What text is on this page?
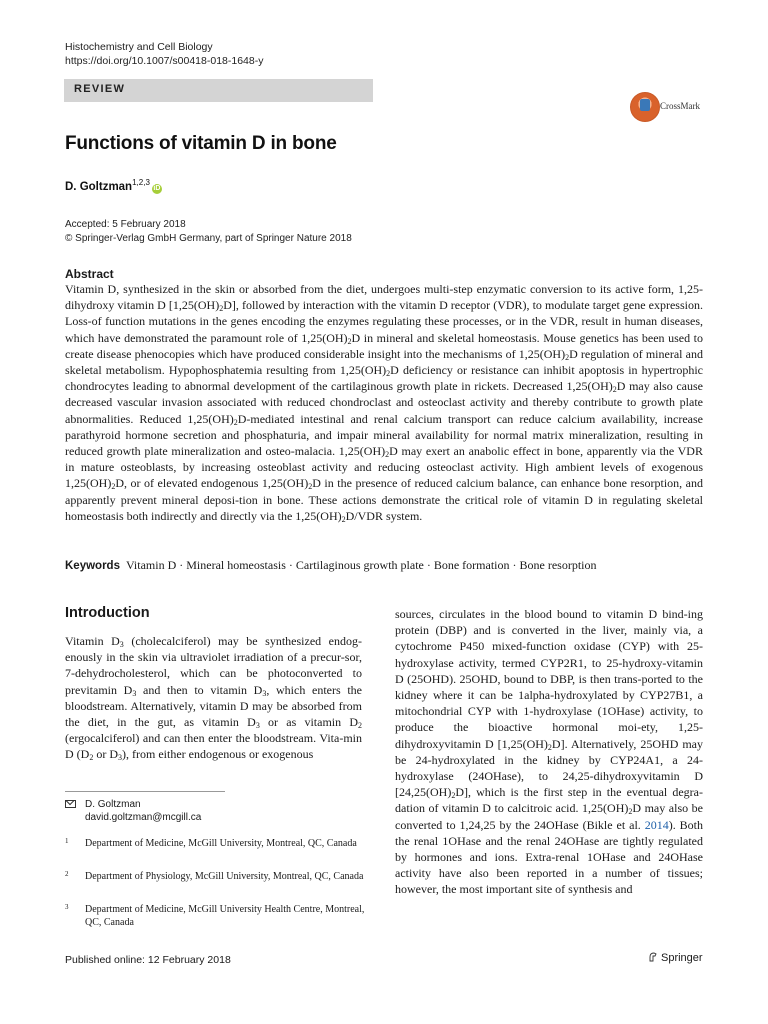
Histochemistry and Cell Biology
https://doi.org/10.1007/s00418-018-1648-y
REVIEW
CrossMark
Functions of vitamin D in bone
D. Goltzman$^{1,2,3}$iD
Accepted: 5 February 2018
© Springer-Verlag GmbH Germany, part of Springer Nature 2018
Abstract
Vitamin D, synthesized in the skin or absorbed from the diet, undergoes multi-step enzymatic conversion to its active form, 1,25-dihydroxy vitamin D $[1,25(OH)_2D]$, followed by interaction with the vitamin D receptor (VDR), to modulate target gene expression. Loss-of function mutations in the genes encoding the enzymes regulating these processes, or in the VDR, result in human diseases, which have demonstrated the paramount role of $1,25(OH)_2D$ in mineral and skeletal homeostasis. Mouse genetics has been used to create disease phenocopies which have produced considerable insight into the mechanisms of $1,25(OH)_2D$ regulation of mineral and skeletal metabolism. Hypophosphatemia resulting from $1,25(OH)_2D$ deficiency or resistance can inhibit apoptosis in hypertrophic chondrocytes leading to abnormal development of the cartilaginous growth plate in rickets. Decreased $1,25(OH)_2D$ may also cause decreased vascular invasion associated with reduced chondroclast and osteoclast activity and thereby contribute to growth plate abnormalities. Reduced $1,25(OH)_2D$-mediated intestinal and renal calcium transport can reduce calcium availability, increase parathyroid hormone secretion and phosphaturia, and impair mineral availability for normal matrix mineralization, resulting in reduced growth plate mineralization and osteo-malacia. $1,25(OH)_2D$ may exert an anabolic effect in bone, apparently via the VDR in mature osteoblasts, by increasing osteoblast activity and reducing osteoclast activity. High ambient levels of exogenous $1,25(OH)_2D$, or of elevated endogenous $1,25(OH)_2D$ in the presence of reduced calcium balance, can enhance bone resorption, and apparently prevent mineral deposi-tion in bone. These actions demonstrate the critical role of vitamin D in regulating skeletal homeostasis both indirectly and directly via the $1,25(OH)_2D$/VDR system.
Keywords Vitamin D · Mineral homeostasis · Cartilaginous growth plate · Bone formation · Bone resorption
Introduction

Vitamin $D_3$ (cholecalciferol) may be synthesized endog-enously in the skin via ultraviolet irradiation of a precur-sor, 7-dehydrocholesterol, which can be photoconverted to previtamin $D_3$ and then to vitamin $D_3$, which enters the bloodstream. Alternatively, vitamin D may be absorbed from the diet, in the gut, as vitamin $D_3$ or as vitamin $D_2$ (ergocalciferol) and can then enter the bloodstream. Vita-min D ($D_2$ or $D_3$), from either endogenous or exogenous

sources, circulates in the blood bound to vitamin D bind-ing protein (DBP) and is converted in the liver, mainly via, a cytochrome P450 mixed-function oxidase (CYP) with 25-hydroxylase activity, termed CYP2R1, to 25-hydroxy-vitamin D (25OHD). 25OHD, bound to DBP, is then trans-ported to the kidney where it can be 1alpha-hydroxylated by CYP27B1, a mitochondrial CYP with 1-hydroxylase (1OHase) activity, to produce the bioactive hormonal moi-ety, 1,25-dihydroxyvitamin D $[1,25(OH)_2D]$. Alternatively, 25OHD may be 24-hydroxylated in the kidney by CYP24A1, a 24-hydroxylase (24OHase), to 24,25-dihydroxyvitamin D $[24,25(OH)_2D]$, which is the first step in the eventual degra-dation of vitamin D to calcitroic acid. $1,25(OH)_2D$ may also be converted to 1,24,25 by the 24OHase (Bikle et al. 2014). Both the renal 1OHase and the renal 24OHase are tightly regulated by hormones and ions. Extra-renal 1OHase and 24OHase activity have also been reported in a number of tissues; however, the most important site of synthesis and

D. Goltzman
david.goltzman@mcgill.ca
1 Department of Medicine, McGill University, Montreal, QC, Canada
2 Department of Physiology, McGill University, Montreal, QC, Canada
3 Department of Medicine, McGill University Health Centre, Montreal, QC, Canada
Published online: 12 February 2018	Springer
